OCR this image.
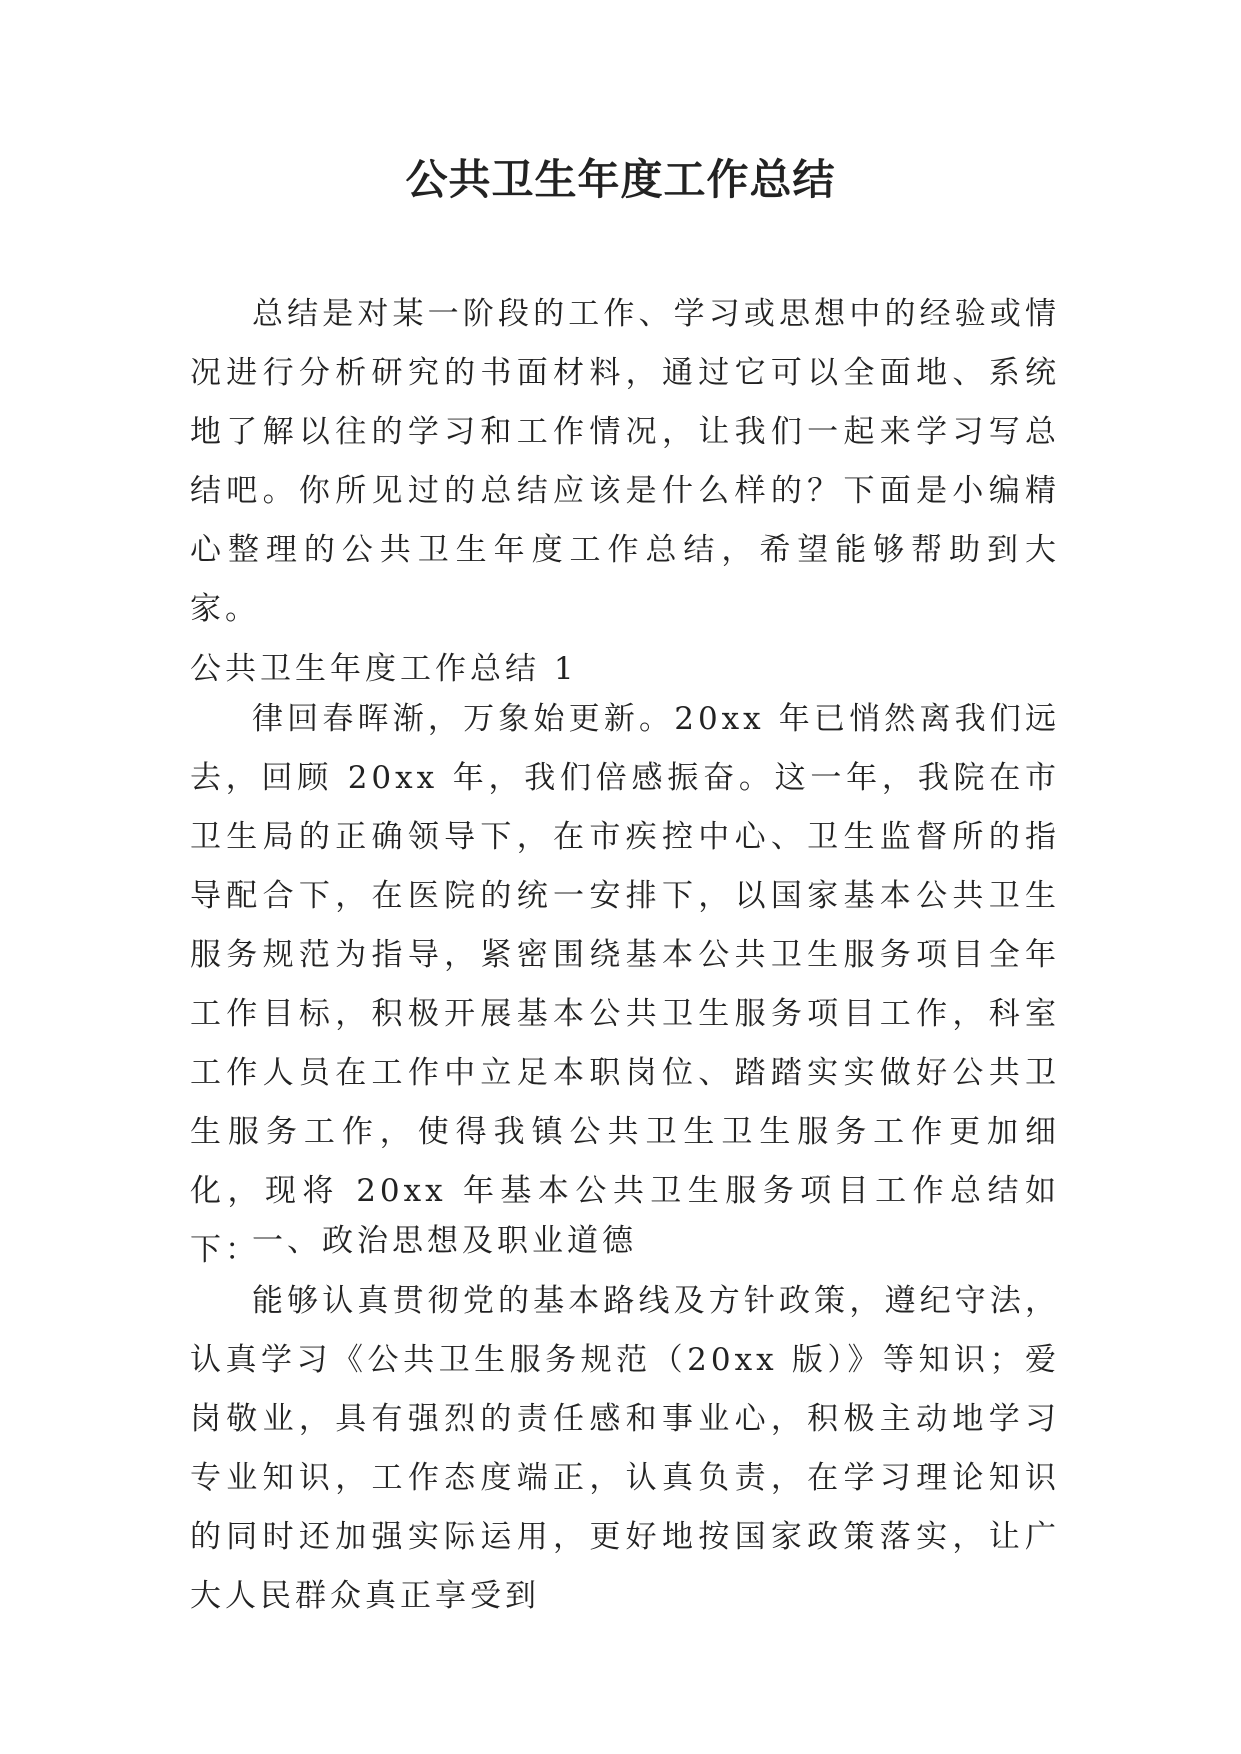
公共卫生年度工作总结

总结是对某一阶段的工作、学习或思想中的经验或情况进行分析研究的书面材料，通过它可以全面地、系统地了解以往的学习和工作情况，让我们一起来学习写总结吧。你所见过的总结应该是什么样的？下面是小编精心整理的公共卫生年度工作总结，希望能够帮助到大家。

公共卫生年度工作总结 1

律回春晖渐，万象始更新。20xx 年已悄然离我们远去，回顾 20xx 年，我们倍感振奋。这一年，我院在市卫生局的正确领导下，在市疾控中心、卫生监督所的指导配合下，在医院的统一安排下，以国家基本公共卫生服务规范为指导，紧密围绕基本公共卫生服务项目全年工作目标，积极开展基本公共卫生服务项目工作，科室工作人员在工作中立足本职岗位、踏踏实实做好公共卫生服务工作，使得我镇公共卫生卫生服务工作更加细化，现将 20xx 年基本公共卫生服务项目工作总结如下：

一、政治思想及职业道德

能够认真贯彻党的基本路线及方针政策，遵纪守法，认真学习《公共卫生服务规范（20xx 版）》等知识；爱岗敬业，具有强烈的责任感和事业心，积极主动地学习专业知识，工作态度端正，认真负责，在学习理论知识的同时还加强实际运用，更好地按国家政策落实，让广大人民群众真正享受到
